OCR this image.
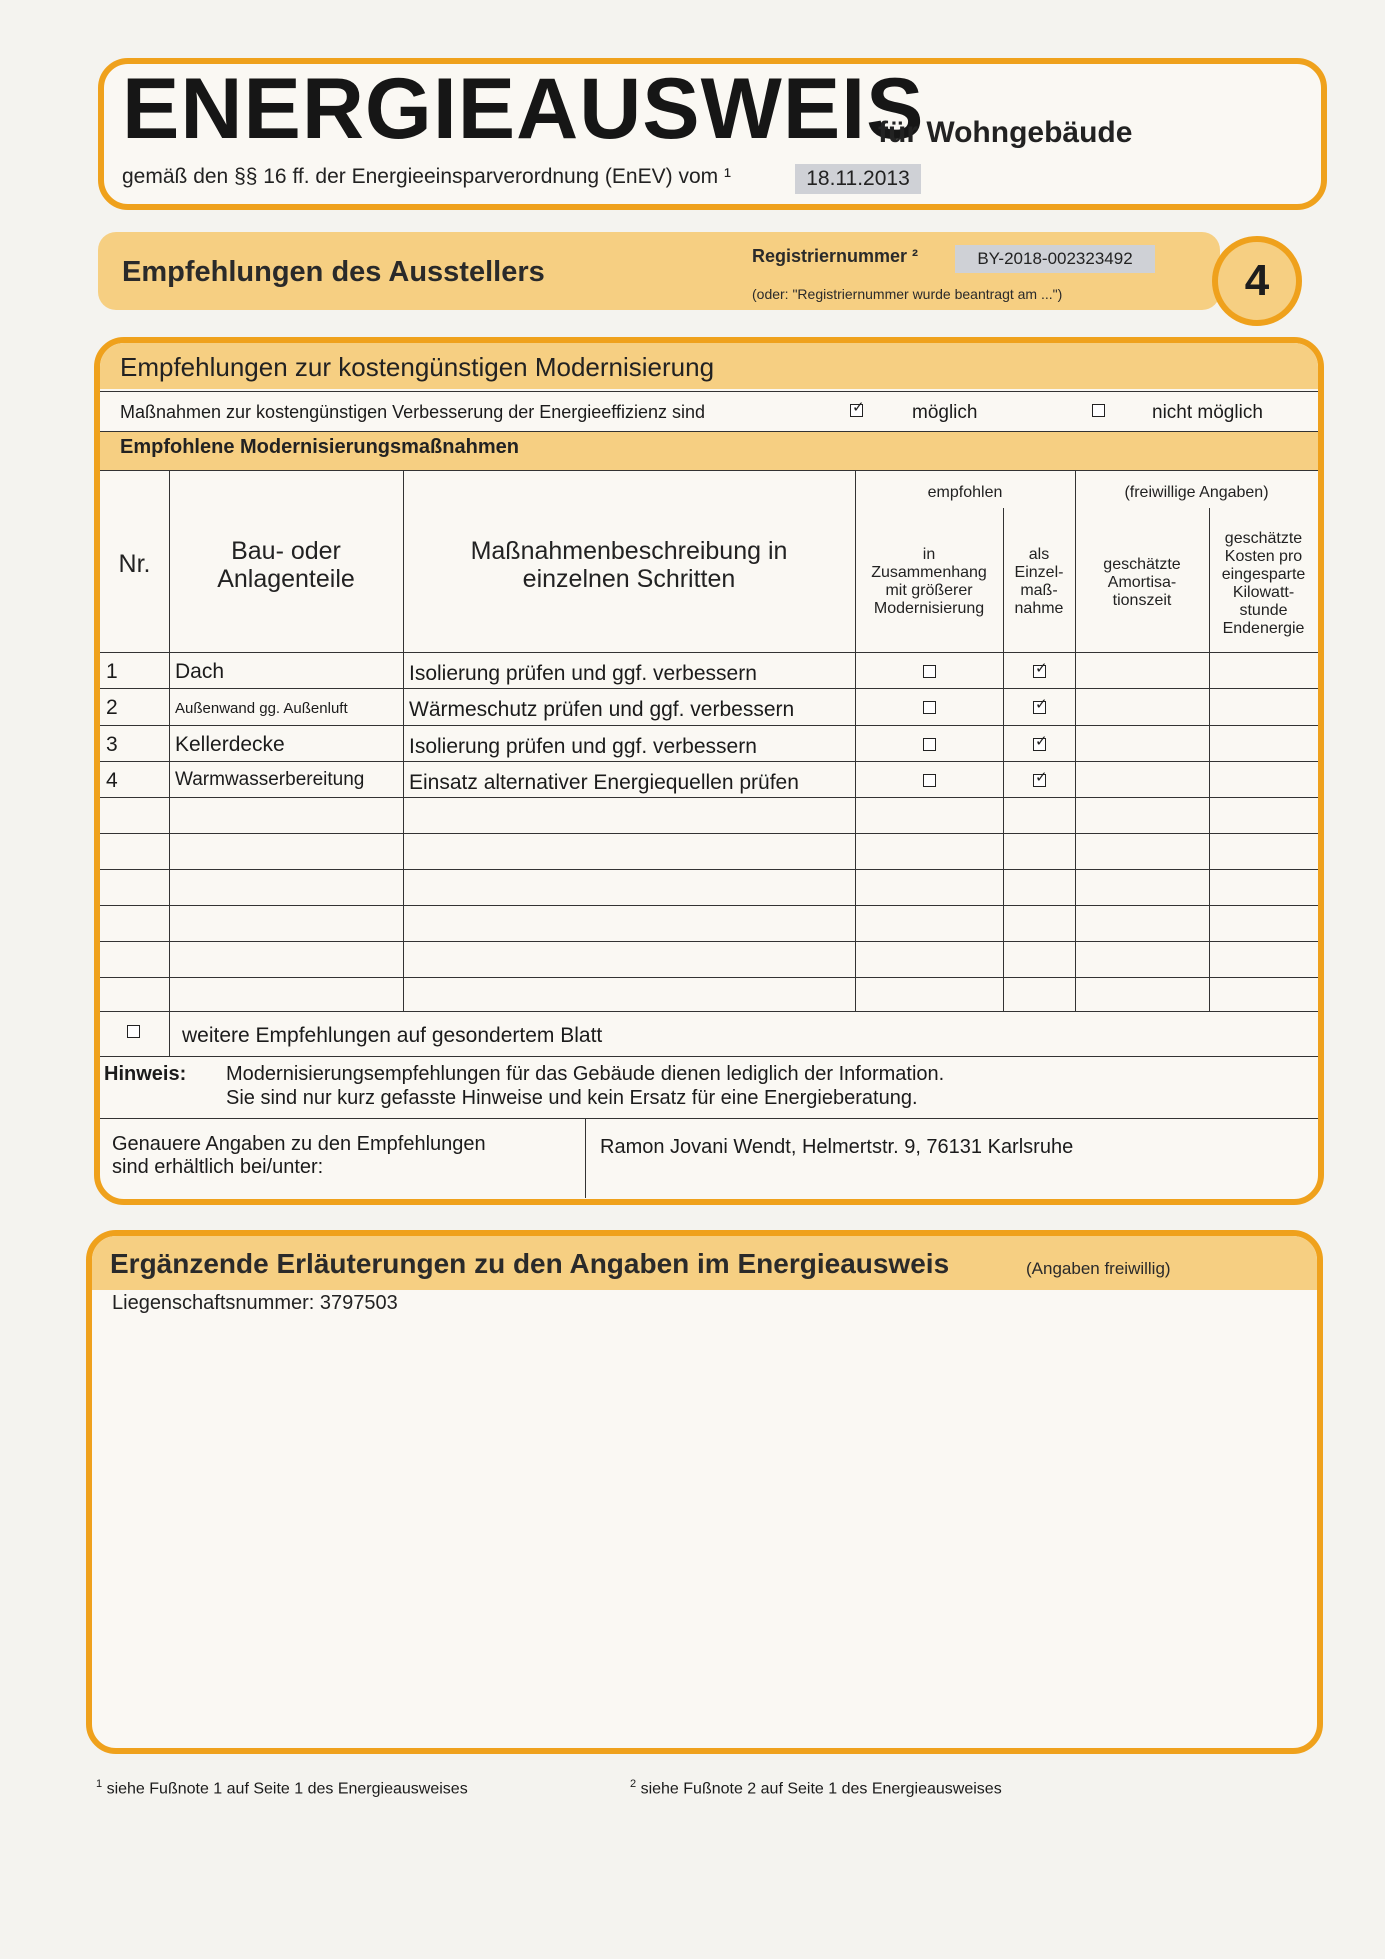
ENERGIEAUSWEIS
für Wohngebäude
gemäß den §§ 16 ff. der Energieeinsparverordnung (EnEV) vom ¹	18.11.2013
Empfehlungen des Ausstellers	Registriernummer ²	BY-2018-002323492
(oder: "Registriernummer wurde beantragt am ...")	4
Empfehlungen zur kostengünstigen Modernisierung
Maßnahmen zur kostengünstigen Verbesserung der Energieeffizienz sind
✓	möglich	nicht möglich
Empfohlene Modernisierungsmaßnahmen
Nr.	Bau- oder
Anlagenteile
Maßnahmenbeschreibung in
einzelnen Schritten
empfohlen	(freiwillige Angaben)
in
Zusammenhang
mit größerer
Modernisierung
als
Einzel-
maß-
nahme
geschätzte
Amortisa-
tionszeit
geschätzte
Kosten pro
eingesparte
Kilowatt-
stunde
Endenergie
1	Dach	Isolierung prüfen und ggf. verbessern
✓
Außenwand gg. Außenluft
2	Wärmeschutz prüfen und ggf. verbessern
✓
3	Kellerdecke	Isolierung prüfen und ggf. verbessern
✓
4	Warmwasserbereitung Einsatz alternativer Energiequellen prüfen
✓
weitere Empfehlungen auf gesondertem Blatt
Hinweis: Modernisierungsempfehlungen für das Gebäude dienen lediglich der Information.
Sie sind nur kurz gefasste Hinweise und kein Ersatz für eine Energieberatung.
Genauere Angaben zu den Empfehlungen
sind erhältlich bei/unter:
Ramon Jovani Wendt, Helmertstr. 9, 76131 Karlsruhe
Ergänzende Erläuterungen zu den Angaben im Energieausweis	(Angaben freiwillig)
Liegenschaftsnummer: 3797503
$^1$ siehe Fußnote 1 auf Seite 1 des Energieausweises	$^2$ siehe Fußnote 2 auf Seite 1 des Energieausweises
